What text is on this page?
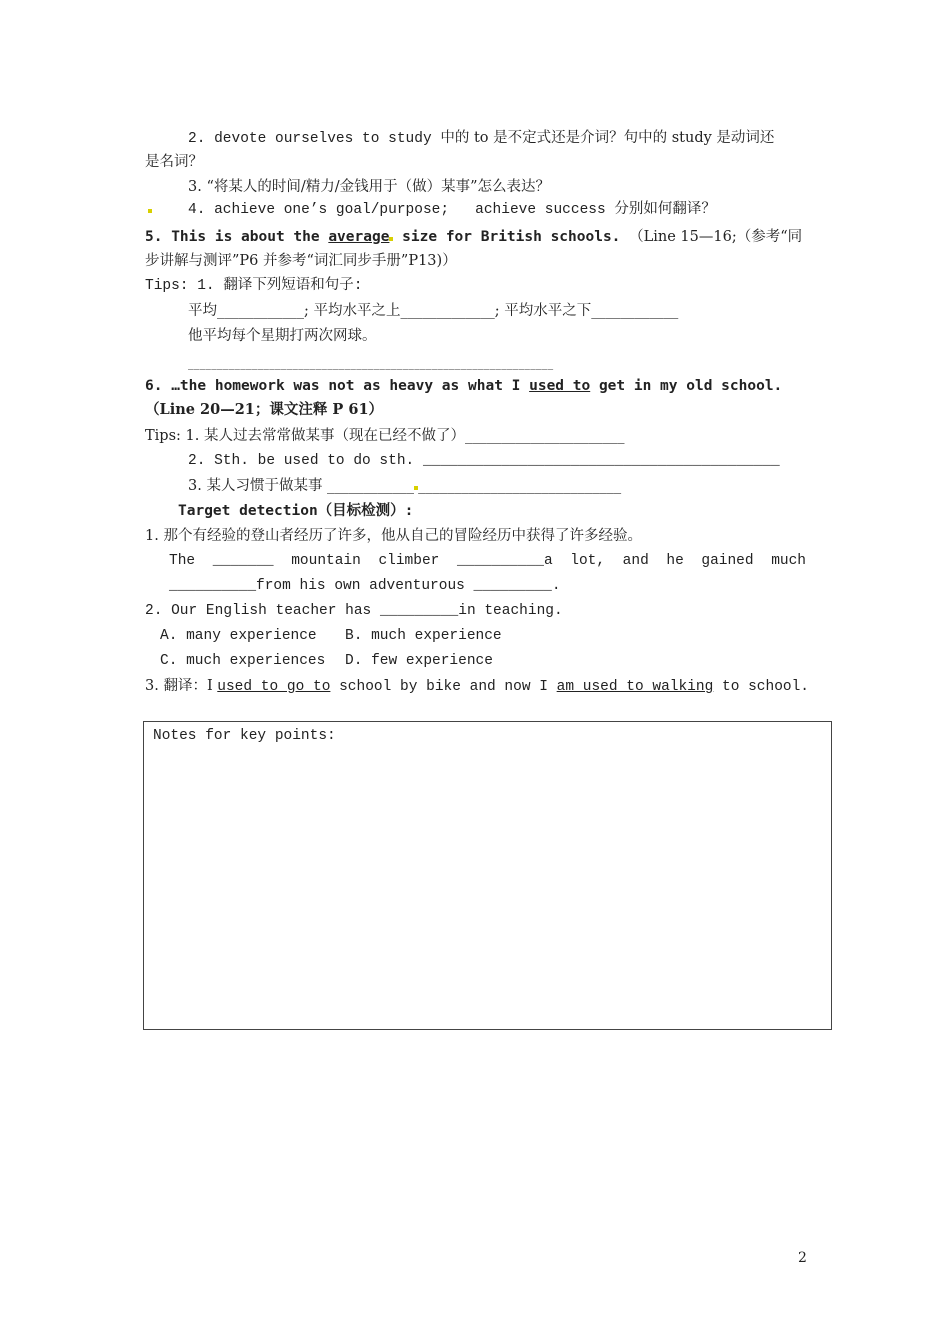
2. devote ourselves to study 中的 to 是不定式还是介词？句中的 study 是动词还
是名词？
3. “将某人的时间/精力/金钱用于（做）某事”怎么表达？
4. achieve one’s goal/purpose;   achieve success 分别如何翻译？
5. This is about the average size for British schools. （Line 15—16;（参考“同
步讲解与测评”P6 并参考“词汇同步手册”P13)）
Tips: 1. 翻译下列短语和句子:
平均____________; 平均水平之上_____________; 平均水平之下____________
他平均每个星期打两次网球。
_______________________________________________________________
6. …the homework was not as heavy as what I used to get in my old school.
（Line 20—21；课文注释 P 61）
Tips: 1. 某人过去常常做某事（现在已经不做了）______________________
2. Sth. be used to do sth. _________________________________________
3. 某人习惯于做某事 ____________ ____________________________
Target detection（目标检测）:
1. 那个有经验的登山者经历了许多，他从自己的冒险经历中获得了许多经验。
The _______ mountain climber __________a lot, and he gained much
__________from his own adventurous _________.
2. Our English teacher has _________in teaching.
A. many experience B. much experience
C. much experiences D. few experience
3. 翻译：I used to go to school by bike and now I am used to walking to school.
Notes for key points:
2
